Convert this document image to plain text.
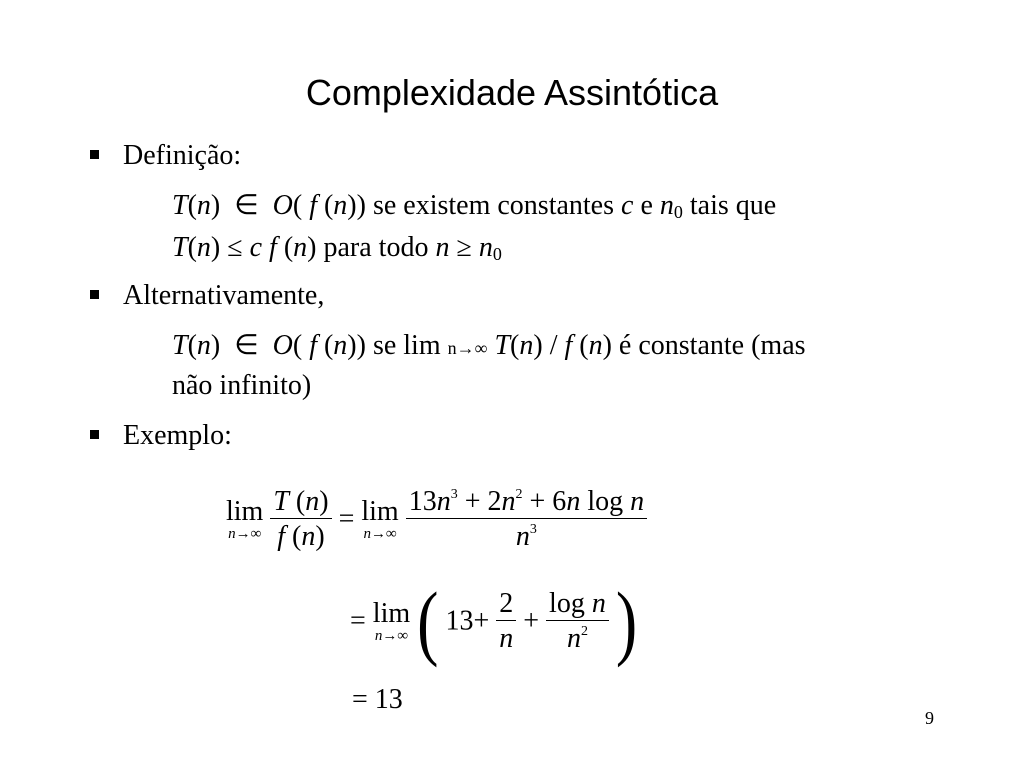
Complexidade Assintótica
Definição:
T(n)  ∈  O( f (n)) se existem constantes c e $n_0$ tais que
T(n) ≤ c f (n) para todo $n \ge n_0$
Alternativamente,
T(n)  ∈  O( f (n)) se lim n→∞ T(n) / f (n) é constante (mas
não infinito)
Exemplo:
lim
n→∞
$\frac{T (n)}{f (n)} = \lim$
n→∞
$\frac{13n^3 + 2n^2 + 6n \log n}{n^3}$
= lim
n→∞ ( $13+ \frac{2}{n} + \frac{\text{log n}}{n^2}$ )
= 13
9
